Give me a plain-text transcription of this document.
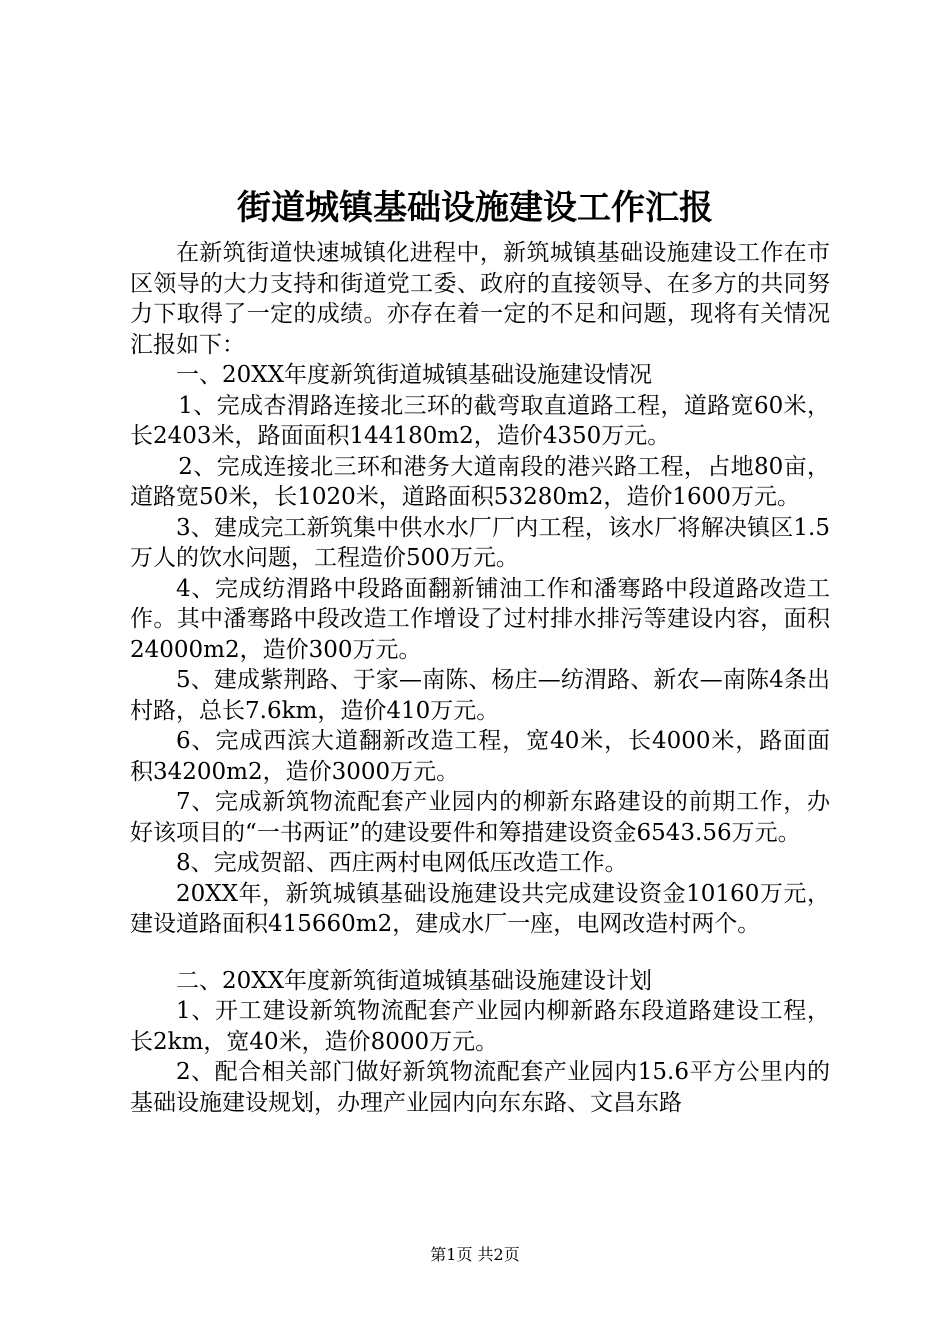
街道城镇基础设施建设工作汇报

在新筑街道快速城镇化进程中，新筑城镇基础设施建设工作在市区领导的大力支持和街道党工委、政府的直接领导、在多方的共同努力下取得了一定的成绩。亦存在着一定的不足和问题，现将有关情况汇报如下：

一、20XX年度新筑街道城镇基础设施建设情况

1、完成杏渭路连接北三环的截弯取直道路工程，道路宽60米，长2403米，路面面积144180m2，造价4350万元。

2、完成连接北三环和港务大道南段的港兴路工程，占地80亩，道路宽50米，长1020米，道路面积53280m2，造价1600万元。

3、建成完工新筑集中供水水厂厂内工程，该水厂将解决镇区1.5万人的饮水问题，工程造价500万元。

4、完成纺渭路中段路面翻新铺油工作和潘骞路中段道路改造工作。其中潘骞路中段改造工作增设了过村排水排污等建设内容，面积24000m2，造价300万元。

5、建成紫荆路、于家—南陈、杨庄—纺渭路、新农—南陈4条出村路，总长7.6km，造价410万元。

6、完成西滨大道翻新改造工程，宽40米，长4000米，路面面积34200m2，造价3000万元。

7、完成新筑物流配套产业园内的柳新东路建设的前期工作，办好该项目的“一书两证”的建设要件和筹措建设资金6543.56万元。

8、完成贺韶、西庄两村电网低压改造工作。

20XX年，新筑城镇基础设施建设共完成建设资金10160万元，建设道路面积415660m2，建成水厂一座，电网改造村两个。

二、20XX年度新筑街道城镇基础设施建设计划

1、开工建设新筑物流配套产业园内柳新路东段道路建设工程，长2km，宽40米，造价8000万元。

2、配合相关部门做好新筑物流配套产业园内15.6平方公里内的基础设施建设规划，办理产业园内向东东路、文昌东路

第1页 共2页
